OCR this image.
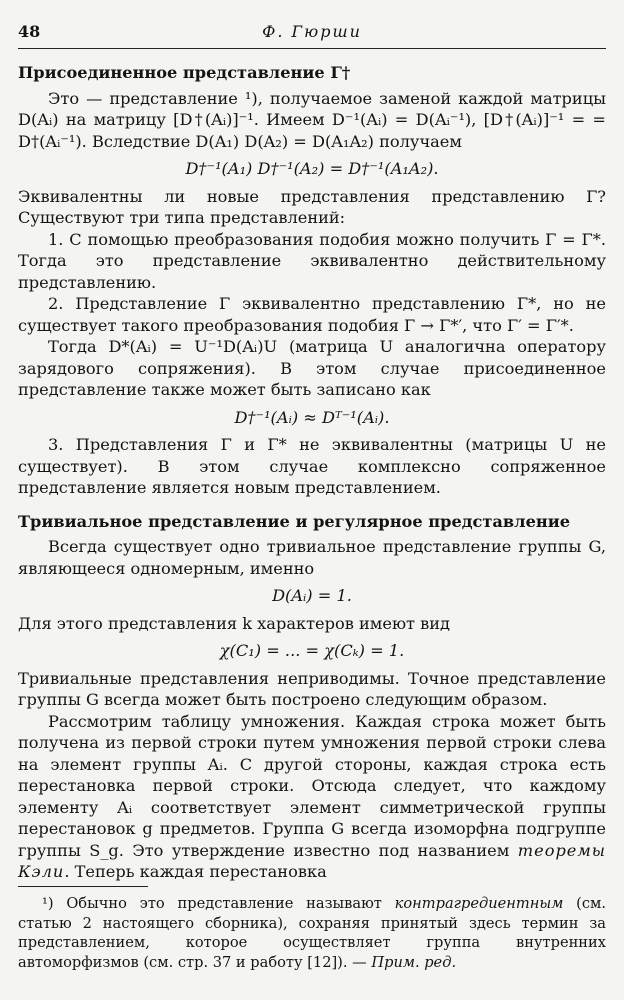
48	Ф. Гюрши
Присоединенное представление Γ†

Это — представление ¹), получаемое заменой каждой матрицы D(Aᵢ) на матрицу [D†(Aᵢ)]⁻¹. Имеем D⁻¹(Aᵢ) = D(Aᵢ⁻¹), [D†(Aᵢ)]⁻¹ = = D†(Aᵢ⁻¹). Вследствие D(A₁) D(A₂) = D(A₁A₂) получаем

D†⁻¹(A₁) D†⁻¹(A₂) = D†⁻¹(A₁A₂).

Эквивалентны ли новые представления представлению Γ? Существуют три типа представлений:

1. С помощью преобразования подобия можно получить Γ = Γ*. Тогда это представление эквивалентно действительному представлению.

2. Представление Γ эквивалентно представлению Γ*, но не существует такого преобразования подобия Γ → Γ*′, что Γ′ = Γ′*.

Тогда D*(Aᵢ) = U⁻¹D(Aᵢ)U (матрица U аналогична оператору зарядового сопряжения). В этом случае присоединенное представление также может быть записано как

D†⁻¹(Aᵢ) ≈ Dᵀ⁻¹(Aᵢ).

3. Представления Γ и Γ* не эквивалентны (матрицы U не существует). В этом случае комплексно сопряженное представление является новым представлением.

Тривиальное представление и регулярное представление

Всегда существует одно тривиальное представление группы G, являющееся одномерным, именно

D(Aᵢ) = 1.

Для этого представления k характеров имеют вид

χ(C₁) = ... = χ(Cₖ) = 1.

Тривиальные представления неприводимы. Точное представление группы G всегда может быть построено следующим образом.

Рассмотрим таблицу умножения. Каждая строка может быть получена из первой строки путем умножения первой строки слева на элемент группы Aᵢ. С другой стороны, каждая строка есть перестановка первой строки. Отсюда следует, что каждому элементу Aᵢ соответствует элемент симметрической группы перестановок g предметов. Группа G всегда изоморфна подгруппе группы S_g. Это утверждение известно под названием теоремы Кэли. Теперь каждая перестановка

¹) Обычно это представление называют контрагредиентным (см. статью 2 настоящего сборника), сохраняя принятый здесь термин за представлением, которое осуществляет группа внутренних автоморфизмов (см. стр. 37 и работу [12]). — Прим. ред.
